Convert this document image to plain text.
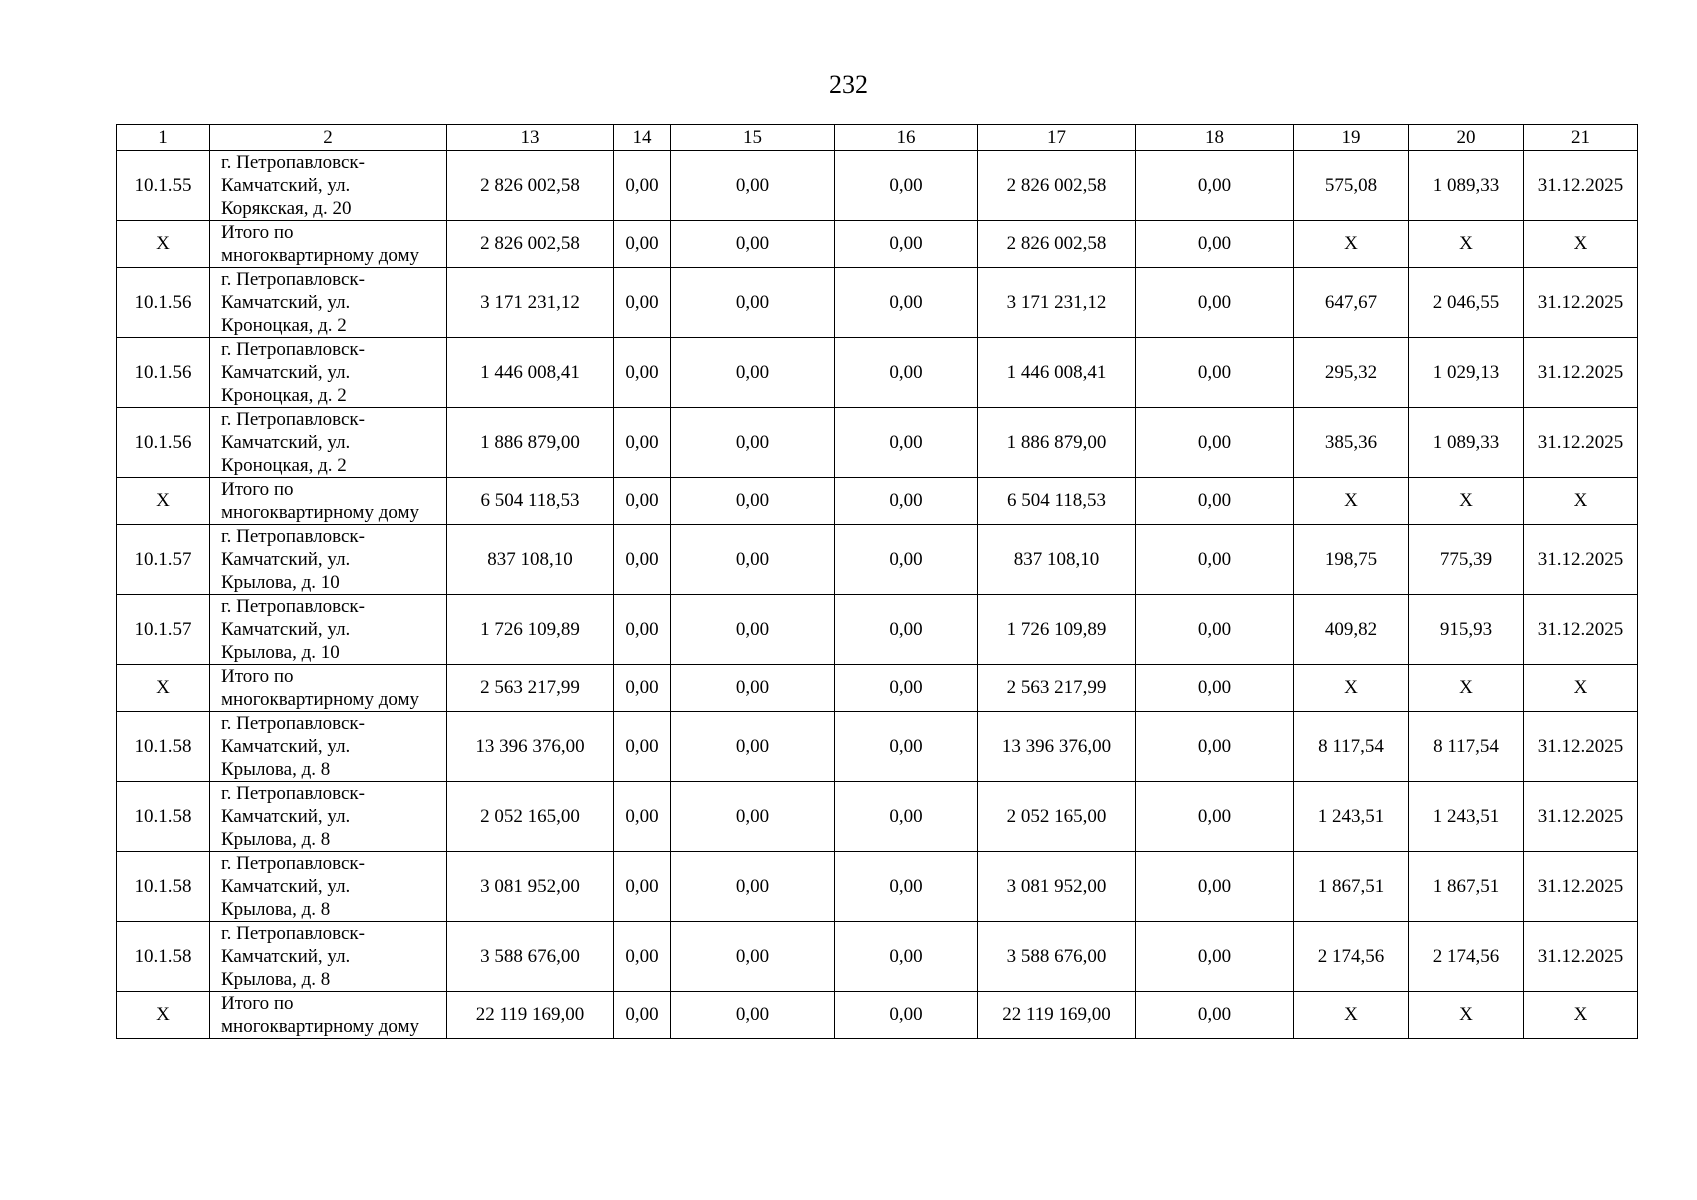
232
1	2	13	14	15	16	17	18	19	20	21
10.1.55	г. Петропавловск-
Камчатский, ул.
Корякская, д. 20	2 826 002,58	0,00	0,00	0,00	2 826 002,58	0,00	575,08	1 089,33	31.12.2025
X	Итого по
многоквартирному дому	2 826 002,58	0,00	0,00	0,00	2 826 002,58	0,00	X	X	X
10.1.56	г. Петропавловск-
Камчатский, ул.
Кроноцкая, д. 2	3 171 231,12	0,00	0,00	0,00	3 171 231,12	0,00	647,67	2 046,55	31.12.2025
10.1.56	г. Петропавловск-
Камчатский, ул.
Кроноцкая, д. 2	1 446 008,41	0,00	0,00	0,00	1 446 008,41	0,00	295,32	1 029,13	31.12.2025
10.1.56	г. Петропавловск-
Камчатский, ул.
Кроноцкая, д. 2	1 886 879,00	0,00	0,00	0,00	1 886 879,00	0,00	385,36	1 089,33	31.12.2025
X	Итого по
многоквартирному дому	6 504 118,53	0,00	0,00	0,00	6 504 118,53	0,00	X	X	X
10.1.57	г. Петропавловск-
Камчатский, ул.
Крылова, д. 10	837 108,10	0,00	0,00	0,00	837 108,10	0,00	198,75	775,39	31.12.2025
10.1.57	г. Петропавловск-
Камчатский, ул.
Крылова, д. 10	1 726 109,89	0,00	0,00	0,00	1 726 109,89	0,00	409,82	915,93	31.12.2025
X	Итого по
многоквартирному дому	2 563 217,99	0,00	0,00	0,00	2 563 217,99	0,00	X	X	X
10.1.58	г. Петропавловск-
Камчатский, ул.
Крылова, д. 8	13 396 376,00	0,00	0,00	0,00	13 396 376,00	0,00	8 117,54	8 117,54	31.12.2025
10.1.58	г. Петропавловск-
Камчатский, ул.
Крылова, д. 8	2 052 165,00	0,00	0,00	0,00	2 052 165,00	0,00	1 243,51	1 243,51	31.12.2025
10.1.58	г. Петропавловск-
Камчатский, ул.
Крылова, д. 8	3 081 952,00	0,00	0,00	0,00	3 081 952,00	0,00	1 867,51	1 867,51	31.12.2025
10.1.58	г. Петропавловск-
Камчатский, ул.
Крылова, д. 8	3 588 676,00	0,00	0,00	0,00	3 588 676,00	0,00	2 174,56	2 174,56	31.12.2025
X	Итого по
многоквартирному дому	22 119 169,00	0,00	0,00	0,00	22 119 169,00	0,00	X	X	X
